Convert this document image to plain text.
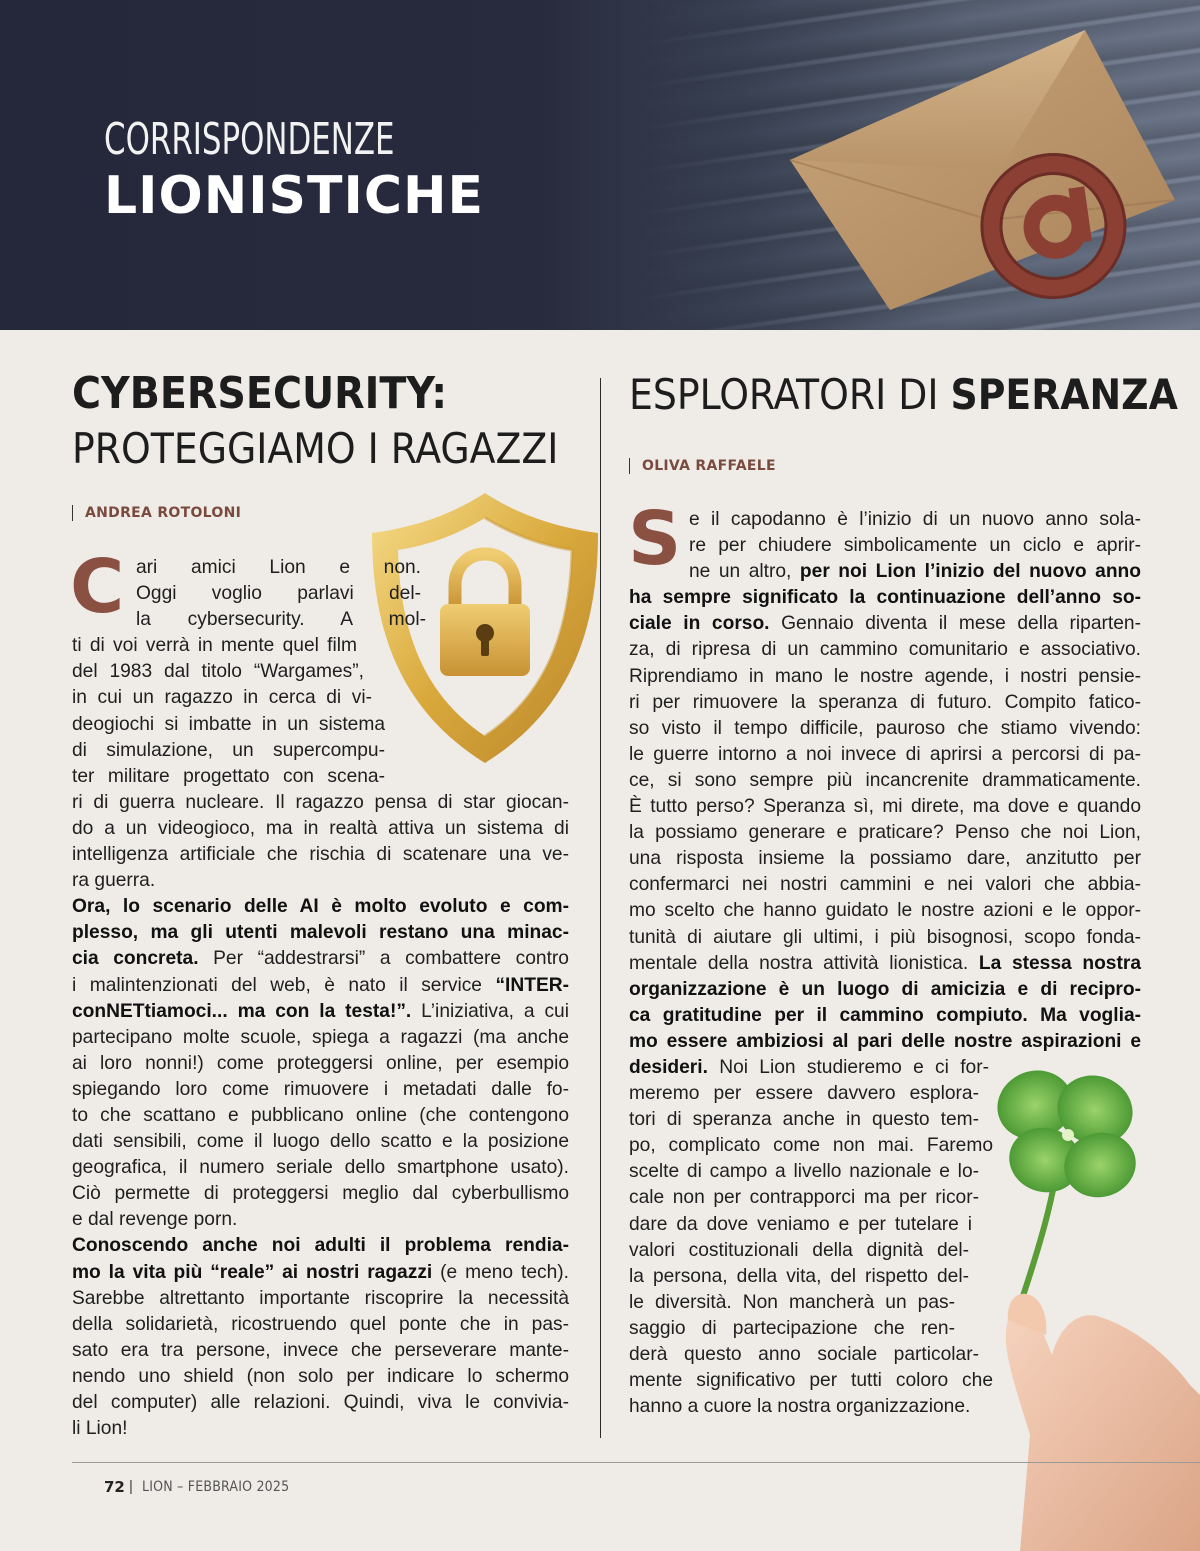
CORRISPONDENZE
LIONISTICHE
CYBERSECURITY:
PROTEGGIAMO I RAGAZZI
ANDREA ROTOLONI
C ari amici Lion e non.
Oggi voglio parlavi del-
la cybersecurity. A mol-
ti di voi verrà in mente quel film
del 1983 dal titolo “Wargames”,
in cui un ragazzo in cerca di vi-
deogiochi si imbatte in un sistema
di simulazione, un supercompu-
ter militare progettato con scena-
ri di guerra nucleare. Il ragazzo pensa di star giocan-
do a un videogioco, ma in realtà attiva un sistema di
intelligenza artificiale che rischia di scatenare una ve-
ra guerra.
Ora, lo scenario delle AI è molto evoluto e com-
plesso, ma gli utenti malevoli restano una minac-
cia concreta. Per “addestrarsi” a combattere contro
i malintenzionati del web, è nato il service “INTER-
conNETtiamoci... ma con la testa!”. L’iniziativa, a cui
partecipano molte scuole, spiega a ragazzi (ma anche
ai loro nonni!) come proteggersi online, per esempio
spiegando loro come rimuovere i metadati dalle fo-
to che scattano e pubblicano online (che contengono
dati sensibili, come il luogo dello scatto e la posizione
geografica, il numero seriale dello smartphone usato).
Ciò permette di proteggersi meglio dal cyberbullismo
e dal revenge porn.
Conoscendo anche noi adulti il problema rendia-
mo la vita più “reale” ai nostri ragazzi (e meno tech).
Sarebbe altrettanto importante riscoprire la necessità
della solidarietà, ricostruendo quel ponte che in pas-
sato era tra persone, invece che perseverare mante-
nendo uno shield (non solo per indicare lo schermo
del computer) alle relazioni. Quindi, viva le convivia-
li Lion!
ESPLORATORI DI SPERANZA
OLIVA RAFFAELE
S e il capodanno è l’inizio di un nuovo anno sola-
re per chiudere simbolicamente un ciclo e aprir-
ne un altro, per noi Lion l’inizio del nuovo anno
ha sempre significato la continuazione dell’anno so-
ciale in corso. Gennaio diventa il mese della riparten-
za, di ripresa di un cammino comunitario e associativo.
Riprendiamo in mano le nostre agende, i nostri pensie-
ri per rimuovere la speranza di futuro. Compito fatico-
so visto il tempo difficile, pauroso che stiamo vivendo:
le guerre intorno a noi invece di aprirsi a percorsi di pa-
ce, si sono sempre più incancrenite drammaticamente.
È tutto perso? Speranza sì, mi direte, ma dove e quando
la possiamo generare e praticare? Penso che noi Lion,
una risposta insieme la possiamo dare, anzitutto per
confermarci nei nostri cammini e nei valori che abbia-
mo scelto che hanno guidato le nostre azioni e le oppor-
tunità di aiutare gli ultimi, i più bisognosi, scopo fonda-
mentale della nostra attività lionistica. La stessa nostra
organizzazione è un luogo di amicizia e di recipro-
ca gratitudine per il cammino compiuto. Ma voglia-
mo essere ambiziosi al pari delle nostre aspirazioni e
desideri. Noi Lion studieremo e ci for-
meremo per essere davvero esplora-
tori di speranza anche in questo tem-
po, complicato come non mai. Faremo
scelte di campo a livello nazionale e lo-
cale non per contrapporci ma per ricor-
dare da dove veniamo e per tutelare i
valori costituzionali della dignità del-
la persona, della vita, del rispetto del-
le diversità. Non mancherà un pas-
saggio di partecipazione che ren-
derà questo anno sociale particolar-
mente significativo per tutti coloro che
hanno a cuore la nostra organizzazione.
72 | LION – FEBBRAIO 2025
